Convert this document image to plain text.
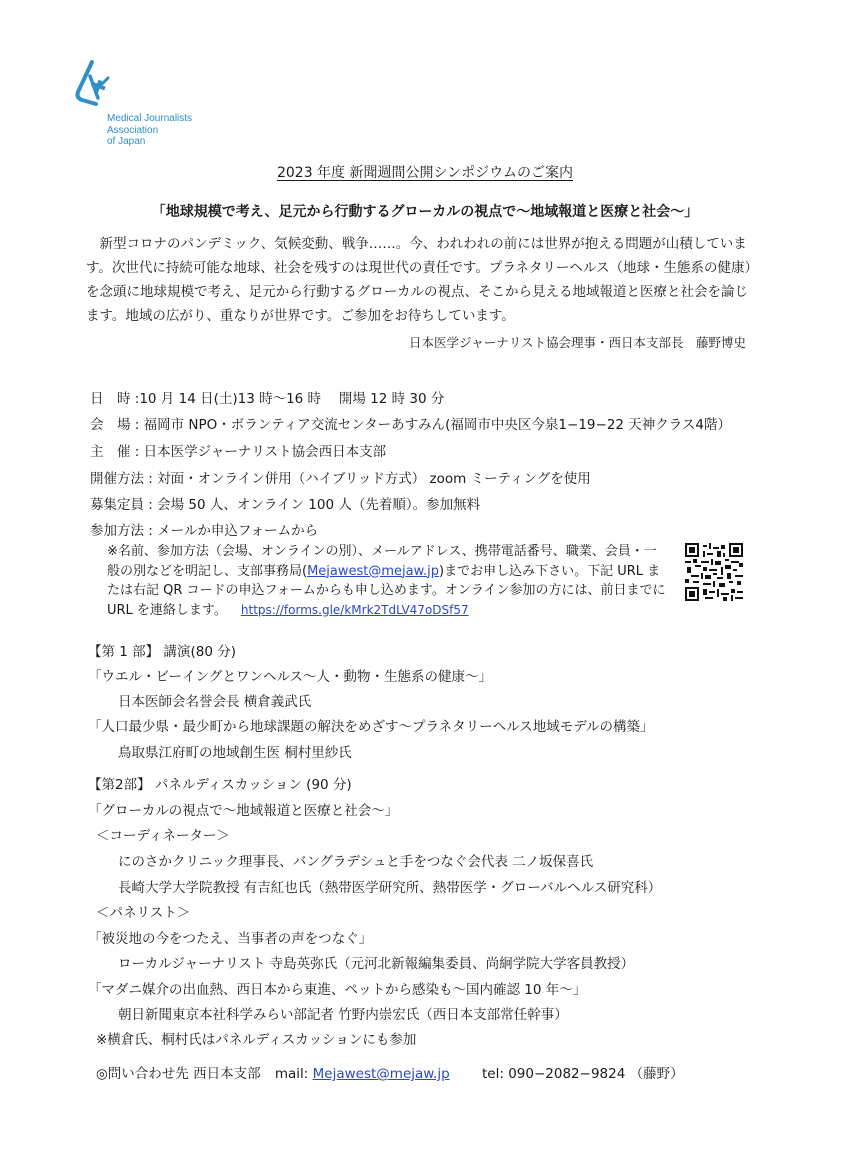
Medical Journalists
Association
of Japan
2023 年度 新聞週間公開シンポジウムのご案内
「地球規模で考え、足元から行動するグローカルの視点で～地域報道と医療と社会～」

新型コロナのパンデミック、気候変動、戦争……。今、われわれの前には世界が抱える問題が山積しています。次世代に持続可能な地球、社会を残すのは現世代の責任です。プラネタリーヘルス（地球・生態系の健康）を念頭に地球規模で考え、足元から行動するグローカルの視点、そこから見える地域報道と医療と社会を論じます。地域の広がり、重なりが世界です。ご参加をお待ちしています。

日本医学ジャーナリスト協会理事・西日本支部長　藤野博史
日　時 :10 月 14 日(土)13 時～16 時　 開場 12 時 30 分
会　場 : 福岡市 NPO・ボランティア交流センターあすみん(福岡市中央区今泉1−19−22 天神クラス4階）
主　催 : 日本医学ジャーナリスト協会西日本支部
開催方法 : 対面・オンライン併用（ハイブリッド方式） zoom ミーティングを使用
募集定員 : 会場 50 人、オンライン 100 人（先着順）。参加無料
参加方法 : メールか申込フォームから
※名前、参加方法（会場、オンラインの別）、メールアドレス、携帯電話番号、職業、会員・一般の別などを明記し、支部事務局(Mejawest@mejaw.jp)までお申し込み下さい。下記 URL または右記 QR コードの申込フォームからも申し込めます。オンライン参加の方には、前日までに URL を連絡します。 https://forms.gle/kMrk2TdLV47oDSf57
【第 1 部】 講演(80 分)
「ウエル・ビーイングとワンヘルス～人・動物・生態系の健康～」
日本医師会名誉会長 横倉義武氏
「人口最少県・最少町から地球課題の解決をめざす～プラネタリーヘルス地域モデルの構築」
鳥取県江府町の地域創生医 桐村里紗氏
【第2部】 パネルディスカッション (90 分)
「グローカルの視点で～地域報道と医療と社会～」
＜コーディネーター＞
にのさかクリニック理事長、バングラデシュと手をつなぐ会代表 二ノ坂保喜氏
長崎大学大学院教授 有吉紅也氏（熱帯医学研究所、熱帯医学・グローバルヘルス研究科）
＜パネリスト＞
「被災地の今をつたえ、当事者の声をつなぐ」
ローカルジャーナリスト 寺島英弥氏（元河北新報編集委員、尚絅学院大学客員教授）
「マダニ媒介の出血熱、西日本から東進、ペットから感染も～国内確認 10 年～」
朝日新聞東京本社科学みらい部記者 竹野内崇宏氏（西日本支部常任幹事）
※横倉氏、桐村氏はパネルディスカッションにも参加
◎問い合わせ先 西日本支部 mail: Mejawest@mejaw.jp tel: 090−2082−9824 （藤野）
